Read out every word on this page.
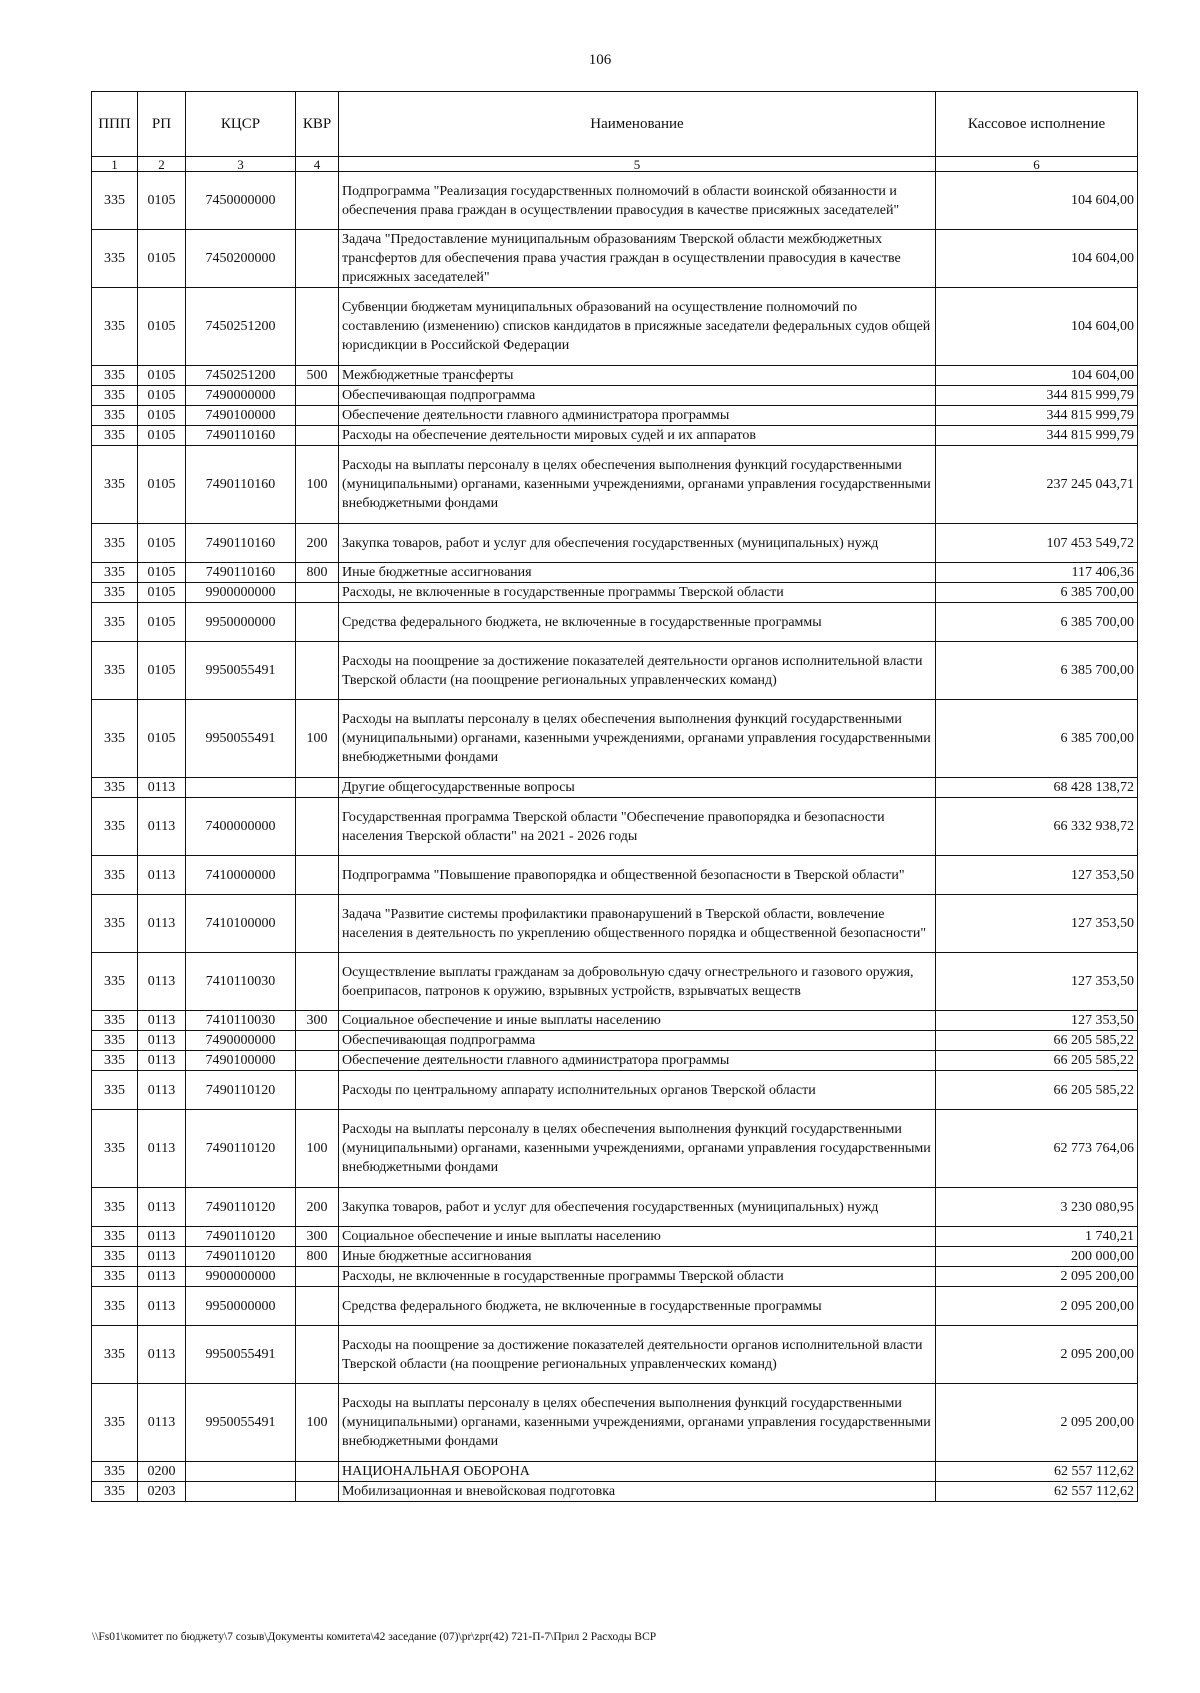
106
ППП	РП	КЦСР	КВР	Наименование	Кассовое исполнение
1	2	3	4	5	6
335	0105	7450000000		Подпрограмма "Реализация государственных полномочий в области воинской обязанности и обеспечения права граждан в осуществлении правосудия в качестве присяжных заседателей"	104 604,00
335	0105	7450200000		Задача "Предоставление муниципальным образованиям Тверской области межбюджетных трансфертов для обеспечения права участия граждан в осуществлении правосудия в качестве присяжных заседателей"	104 604,00
335	0105	7450251200		Субвенции бюджетам муниципальных образований на осуществление полномочий по составлению (изменению) списков кандидатов в присяжные заседатели федеральных судов общей юрисдикции в Российской Федерации	104 604,00
335	0105	7450251200	500	Межбюджетные трансферты	104 604,00
335	0105	7490000000		Обеспечивающая подпрограмма	344 815 999,79
335	0105	7490100000		Обеспечение деятельности главного администратора программы	344 815 999,79
335	0105	7490110160		Расходы на обеспечение деятельности мировых судей и их аппаратов	344 815 999,79
335	0105	7490110160	100	Расходы на выплаты персоналу в целях обеспечения выполнения функций государственными (муниципальными) органами, казенными учреждениями, органами управления государственными внебюджетными фондами	237 245 043,71
335	0105	7490110160	200	Закупка товаров, работ и услуг для обеспечения государственных (муниципальных) нужд	107 453 549,72
335	0105	7490110160	800	Иные бюджетные ассигнования	117 406,36
335	0105	9900000000		Расходы, не включенные в государственные программы Тверской области	6 385 700,00
335	0105	9950000000		Средства федерального бюджета, не включенные в государственные программы	6 385 700,00
335	0105	9950055491		Расходы на поощрение за достижение показателей деятельности органов исполнительной власти Тверской области (на поощрение региональных управленческих команд)	6 385 700,00
335	0105	9950055491	100	Расходы на выплаты персоналу в целях обеспечения выполнения функций государственными (муниципальными) органами, казенными учреждениями, органами управления государственными внебюджетными фондами	6 385 700,00
335	0113			Другие общегосударственные вопросы	68 428 138,72
335	0113	7400000000		Государственная программа Тверской области "Обеспечение правопорядка и безопасности населения Тверской области" на 2021 - 2026 годы	66 332 938,72
335	0113	7410000000		Подпрограмма "Повышение правопорядка и общественной безопасности в Тверской области"	127 353,50
335	0113	7410100000		Задача "Развитие системы профилактики правонарушений в Тверской области, вовлечение населения в деятельность по укреплению общественного порядка и общественной безопасности"	127 353,50
335	0113	7410110030		Осуществление выплаты гражданам за добровольную сдачу огнестрельного и газового оружия, боеприпасов, патронов к оружию, взрывных устройств, взрывчатых веществ	127 353,50
335	0113	7410110030	300	Социальное обеспечение и иные выплаты населению	127 353,50
335	0113	7490000000		Обеспечивающая подпрограмма	66 205 585,22
335	0113	7490100000		Обеспечение деятельности главного администратора программы	66 205 585,22
335	0113	7490110120		Расходы по центральному аппарату исполнительных органов Тверской области	66 205 585,22
335	0113	7490110120	100	Расходы на выплаты персоналу в целях обеспечения выполнения функций государственными (муниципальными) органами, казенными учреждениями, органами управления государственными внебюджетными фондами	62 773 764,06
335	0113	7490110120	200	Закупка товаров, работ и услуг для обеспечения государственных (муниципальных) нужд	3 230 080,95
335	0113	7490110120	300	Социальное обеспечение и иные выплаты населению	1 740,21
335	0113	7490110120	800	Иные бюджетные ассигнования	200 000,00
335	0113	9900000000		Расходы, не включенные в государственные программы Тверской области	2 095 200,00
335	0113	9950000000		Средства федерального бюджета, не включенные в государственные программы	2 095 200,00
335	0113	9950055491		Расходы на поощрение за достижение показателей деятельности органов исполнительной власти Тверской области (на поощрение региональных управленческих команд)	2 095 200,00
335	0113	9950055491	100	Расходы на выплаты персоналу в целях обеспечения выполнения функций государственными (муниципальными) органами, казенными учреждениями, органами управления государственными внебюджетными фондами	2 095 200,00
335	0200			НАЦИОНАЛЬНАЯ ОБОРОНА	62 557 112,62
335	0203			Мобилизационная и вневойсковая подготовка	62 557 112,62
\\Fs01\комитет по бюджету\7 созыв\Документы комитета\42 заседание (07)\pr\zpr(42) 721-П-7\Прил 2 Расходы ВСР
